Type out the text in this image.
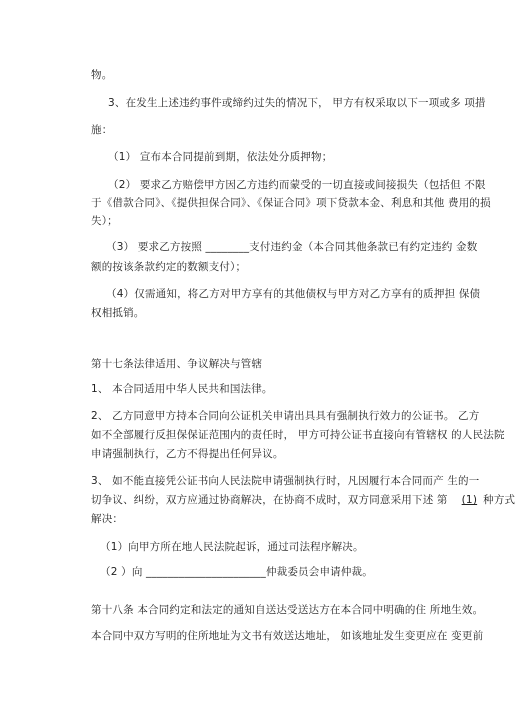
物。
3、在发生上述违约事件或缔约过失的情况下， 甲方有权采取以下一项或多 项措
施：
（1） 宣布本合同提前到期，依法处分质押物；
（2） 要求乙方赔偿甲方因乙方违约而蒙受的一切直接或间接损失（包括但 不限
于《借款合同》、《提供担保合同》、《保证合同》项下贷款本金、利息和其他 费用的损
失）；
（3） 要求乙方按照 ________支付违约金（本合同其他条款已有约定违约 金数
额的按该条款约定的数额支付）；
（4）仅需通知，将乙方对甲方享有的其他债权与甲方对乙方享有的质押担 保债
权相抵销。
第十七条法律适用、争议解决与管辖
1、 本合同适用中华人民共和国法律。
2、 乙方同意甲方持本合同向公证机关申请出具具有强制执行效力的公证书。 乙方
如不全部履行反担保保证范围内的责任时， 甲方可持公证书直接向有管辖权 的人民法院
申请强制执行，乙方不得提出任何异议。
3、 如不能直接凭公证书向人民法院申请强制执行时，凡因履行本合同而产 生的一
切争议、纠纷，双方应通过协商解决，在协商不成时，双方同意采用下述 第 (1) 种方式
解决：
（1）向甲方所在地人民法院起诉，通过司法程序解决。
（2 ）向 ______________________仲裁委员会申请仲裁。
第十八条 本合同约定和法定的通知自送达受送达方在本合同中明确的住 所地生效。
本合同中双方写明的住所地址为文书有效送达地址， 如该地址发生变更应在 变更前
